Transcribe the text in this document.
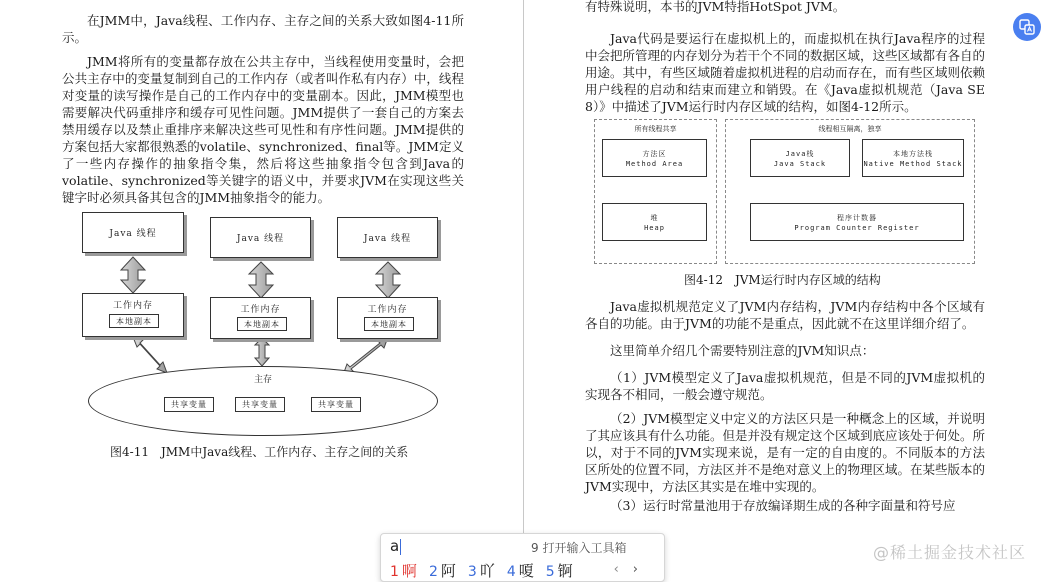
在JMM中，Java线程、工作内存、主存之间的关系大致如图4-11所示。

JMM将所有的变量都存放在公共主存中，当线程使用变量时，会把公共主存中的变量复制到自己的工作内存（或者叫作私有内存）中，线程对变量的读写操作是自己的工作内存中的变量副本。因此，JMM模型也需要解决代码重排序和缓存可见性问题。JMM提供了一套自己的方案去禁用缓存以及禁止重排序来解决这些可见性和有序性问题。JMM提供的方案包括大家都很熟悉的volatile、synchronized、final等。JMM定义了一些内存操作的抽象指令集，然后将这些抽象指令包含到Java的volatile、synchronized等关键字的语义中，并要求JVM在实现这些关键字时必须具备其包含的JMM抽象指令的能力。

Java 线程	Java 线程	Java 线程
工作内存
本地副本
工作内存
本地副本
工作内存
本地副本
主存
共享变量	共享变量	共享变量
图4-11　JMM中Java线程、工作内存、主存之间的关系

有特殊说明，本书的JVM特指HotSpot JVM。

Java代码是要运行在虚拟机上的，而虚拟机在执行Java程序的过程中会把所管理的内存划分为若干个不同的数据区域，这些区域都有各自的用途。其中，有些区域随着虚拟机进程的启动而存在，而有些区域则依赖用户线程的启动和结束而建立和销毁。在《Java虚拟机规范（Java SE 8）》中描述了JVM运行时内存区域的结构，如图4-12所示。

所有线程共享
方法区
Method Area
堆
Heap
线程相互隔离，独享
Java栈
Java Stack
本地方法栈
Native Method Stack
程序计数器
Program Counter Register
图4-12　JVM运行时内存区域的结构

Java虚拟机规范定义了JVM内存结构，JVM内存结构中各个区域有各自的功能。由于JVM的功能不是重点，因此就不在这里详细介绍了。

这里简单介绍几个需要特别注意的JVM知识点：

（1）JVM模型定义了Java虚拟机规范，但是不同的JVM虚拟机的实现各不相同，一般会遵守规范。

（2）JVM模型定义中定义的方法区只是一种概念上的区域，并说明了其应该具有什么功能。但是并没有规定这个区域到底应该处于何处。所以，对于不同的JVM实现来说，是有一定的自由度的。不同版本的方法区所处的位置不同，方法区并不是绝对意义上的物理区域。在某些版本的JVM实现中，方法区其实是在堆中实现的。

（3）运行时常量池用于存放编译期生成的各种字面量和符号应

a	9 打开输入工具箱
1 啊 2 阿 3 吖 4 嗄 5 锕	‹ ›
@稀土掘金技术社区
